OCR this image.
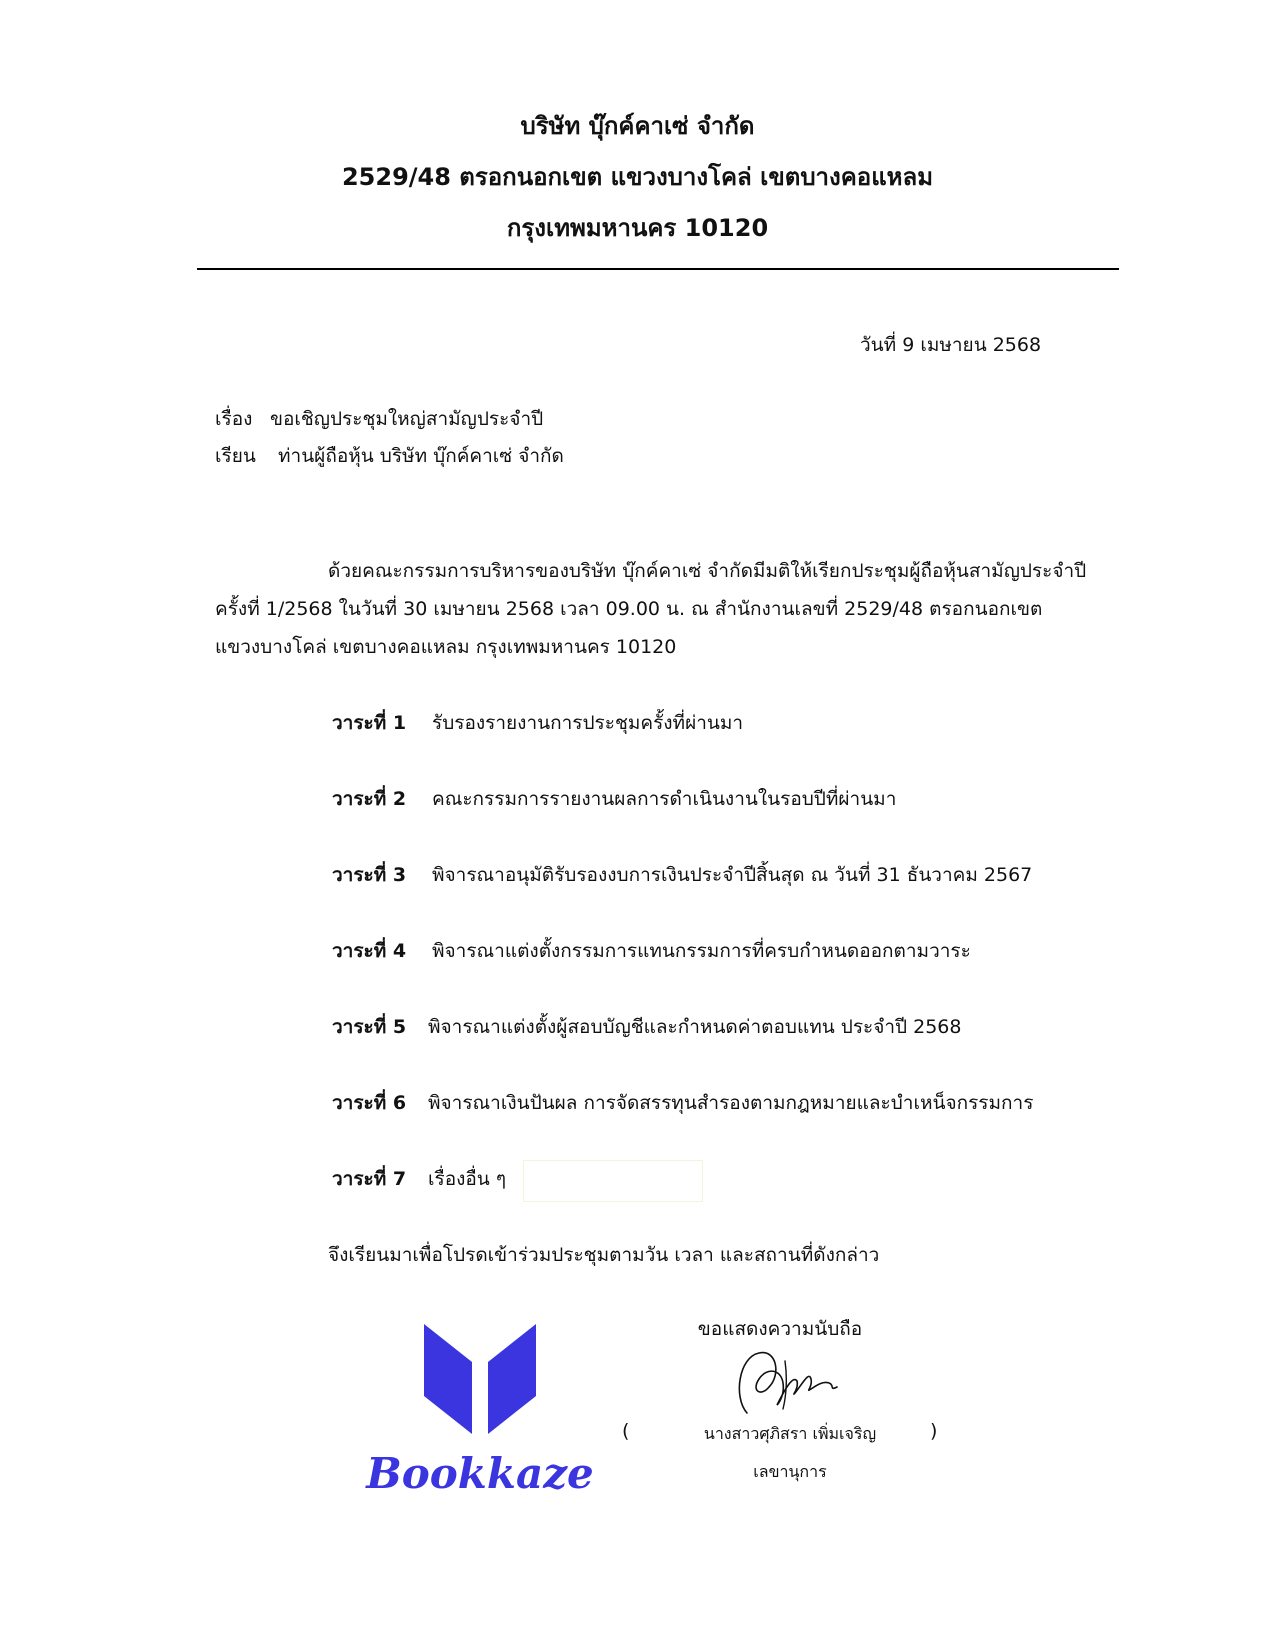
บริษัท บุ๊กค์คาเซ่ จำกัด
2529/48 ตรอกนอกเขต แขวงบางโคล่ เขตบางคอแหลม
กรุงเทพมหานคร 10120
วันที่ 9 เมษายน 2568
เรื่อง ขอเชิญประชุมใหญ่สามัญประจำปี
เรียน ท่านผู้ถือหุ้น บริษัท บุ๊กค์คาเซ่ จำกัด
ด้วยคณะกรรมการบริหารของบริษัท บุ๊กค์คาเซ่ จำกัดมีมติให้เรียกประชุมผู้ถือหุ้นสามัญประจำปี
ครั้งที่ 1/2568 ในวันที่ 30 เมษายน 2568 เวลา 09.00 น. ณ สำนักงานเลขที่ 2529/48 ตรอกนอกเขต
แขวงบางโคล่ เขตบางคอแหลม กรุงเทพมหานคร 10120
วาระที่ 1 รับรองรายงานการประชุมครั้งที่ผ่านมา
วาระที่ 2 คณะกรรมการรายงานผลการดำเนินงานในรอบปีที่ผ่านมา
วาระที่ 3 พิจารณาอนุมัติรับรองงบการเงินประจำปีสิ้นสุด ณ วันที่ 31 ธันวาคม 2567
วาระที่ 4 พิจารณาแต่งตั้งกรรมการแทนกรรมการที่ครบกำหนดออกตามวาระ
วาระที่ 5 พิจารณาแต่งตั้งผู้สอบบัญชีและกำหนดค่าตอบแทน ประจำปี 2568
วาระที่ 6 พิจารณาเงินปันผล การจัดสรรทุนสำรองตามกฎหมายและบำเหน็จกรรมการ
วาระที่ 7 เรื่องอื่น ๆ
จึงเรียนมาเพื่อโปรดเข้าร่วมประชุมตามวัน เวลา และสถานที่ดังกล่าว
Bookkaze
ขอแสดงความนับถือ
(	นางสาวศุภิสรา เพิ่มเจริญ	)
เลขานุการ
